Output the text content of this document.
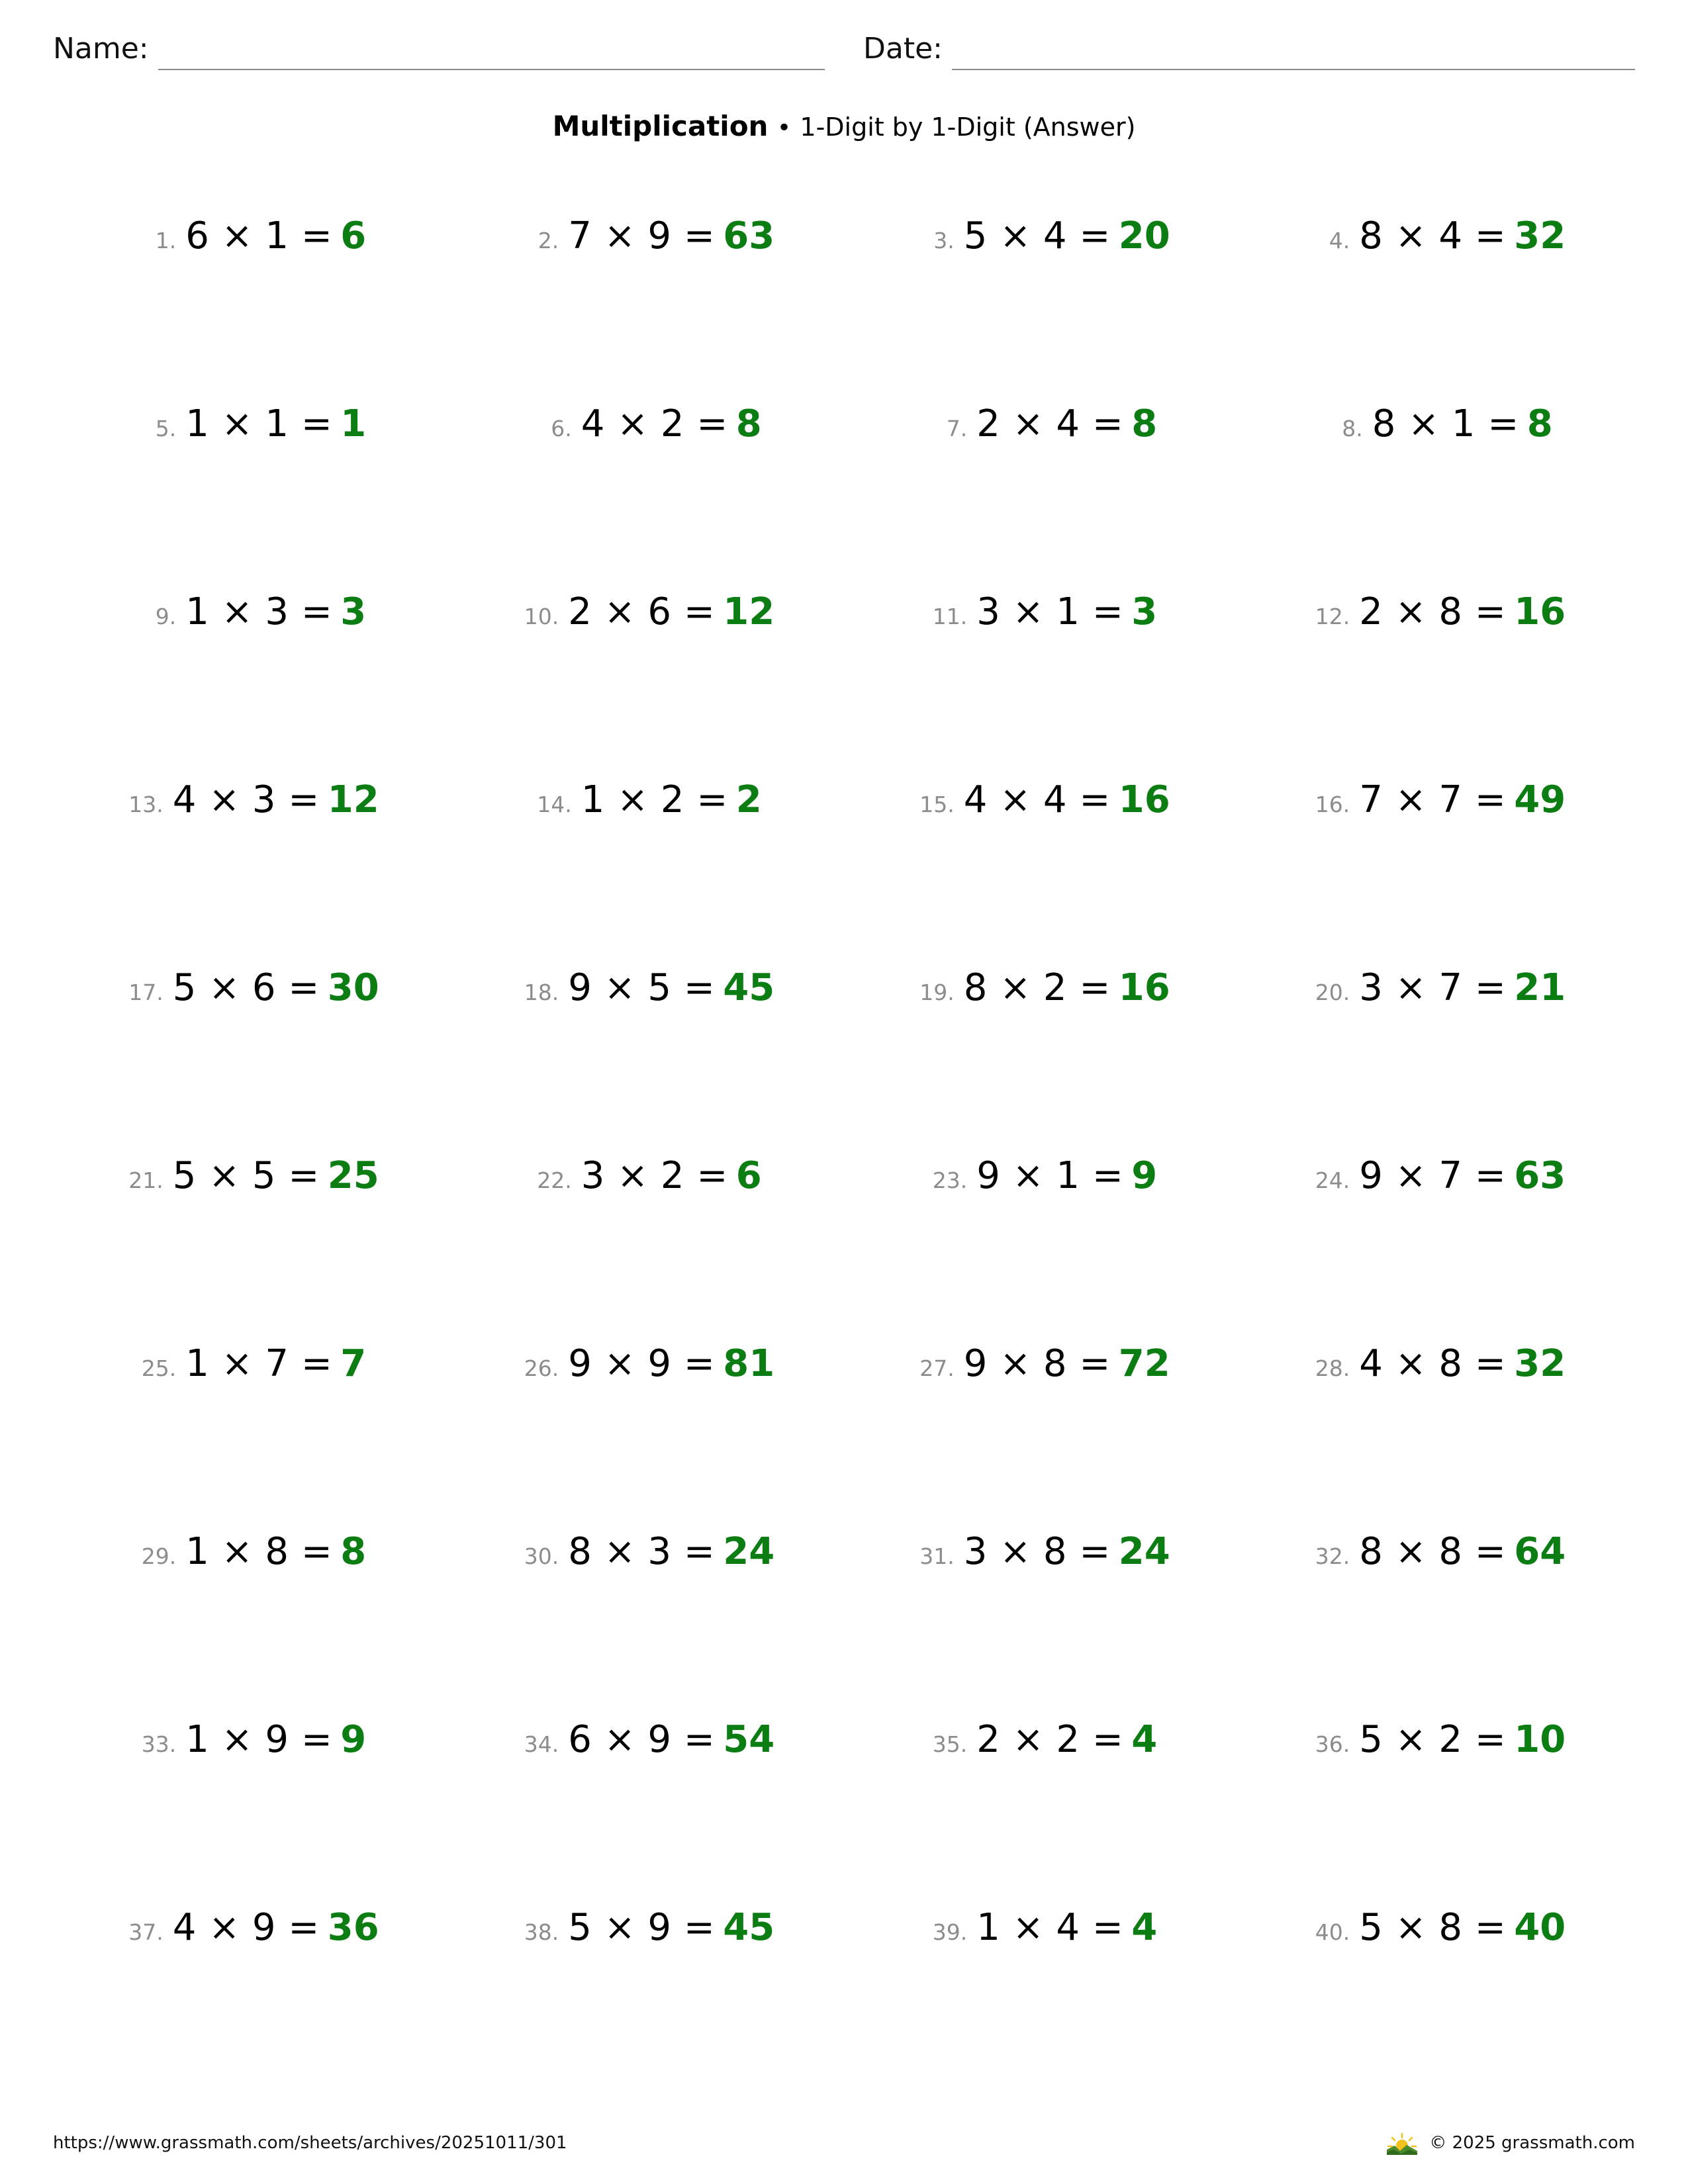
Name:	Date:
Multiplication • 1-Digit by 1-Digit (Answer)
1. 6 × 1 = 6	2. 7 × 9 = 63	3. 5 × 4 = 20	4. 8 × 4 = 32
5. 1 × 1 = 1	6. 4 × 2 = 8	7. 2 × 4 = 8	8. 8 × 1 = 8
9. 1 × 3 = 3	10. 2 × 6 = 12	11. 3 × 1 = 3	12. 2 × 8 = 16
13. 4 × 3 = 12	14. 1 × 2 = 2	15. 4 × 4 = 16	16. 7 × 7 = 49
17. 5 × 6 = 30	18. 9 × 5 = 45	19. 8 × 2 = 16	20. 3 × 7 = 21
21. 5 × 5 = 25	22. 3 × 2 = 6	23. 9 × 1 = 9	24. 9 × 7 = 63
25. 1 × 7 = 7	26. 9 × 9 = 81	27. 9 × 8 = 72	28. 4 × 8 = 32
29. 1 × 8 = 8	30. 8 × 3 = 24	31. 3 × 8 = 24	32. 8 × 8 = 64
33. 1 × 9 = 9	34. 6 × 9 = 54	35. 2 × 2 = 4	36. 5 × 2 = 10
37. 4 × 9 = 36	38. 5 × 9 = 45	39. 1 × 4 = 4	40. 5 × 8 = 40
https://www.grassmath.com/sheets/archives/20251011/301	© 2025 grassmath.com
